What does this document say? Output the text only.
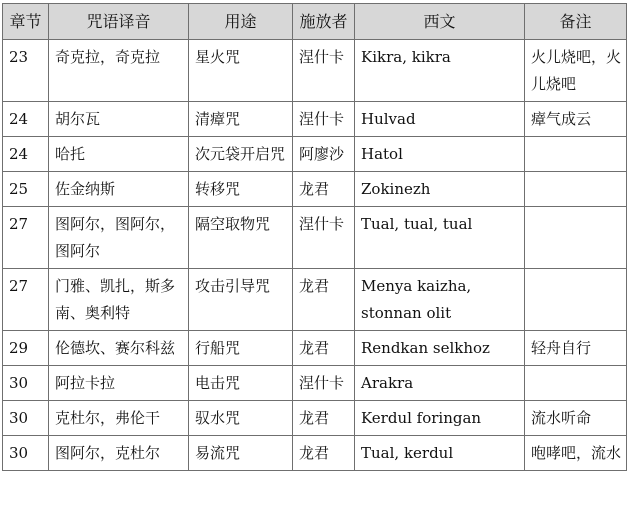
章节	咒语译音	用途	施放者	西文	备注
23	奇克拉，奇克拉	星火咒	涅什卡	Kikra, kikra	火儿烧吧，火儿烧吧
24	胡尔瓦	清瘴咒	涅什卡	Hulvad	瘴气成云
24	哈托	次元袋开启咒	阿廖沙	Hatol	
25	佐金纳斯	转移咒	龙君	Zokinezh	
27	图阿尔，图阿尔，图阿尔	隔空取物咒	涅什卡	Tual, tual, tual	
27	门雅、凯扎，斯多南、奥利特	攻击引导咒	龙君	Menya kaizha, stonnan olit	
29	伦德坎、赛尔科兹	行船咒	龙君	Rendkan selkhoz	轻舟自行
30	阿拉卡拉	电击咒	涅什卡	Arakra	
30	克杜尔，弗伦干	驭水咒	龙君	Kerdul foringan	流水听命
30	图阿尔，克杜尔	易流咒	龙君	Tual, kerdul	咆哮吧，流水
